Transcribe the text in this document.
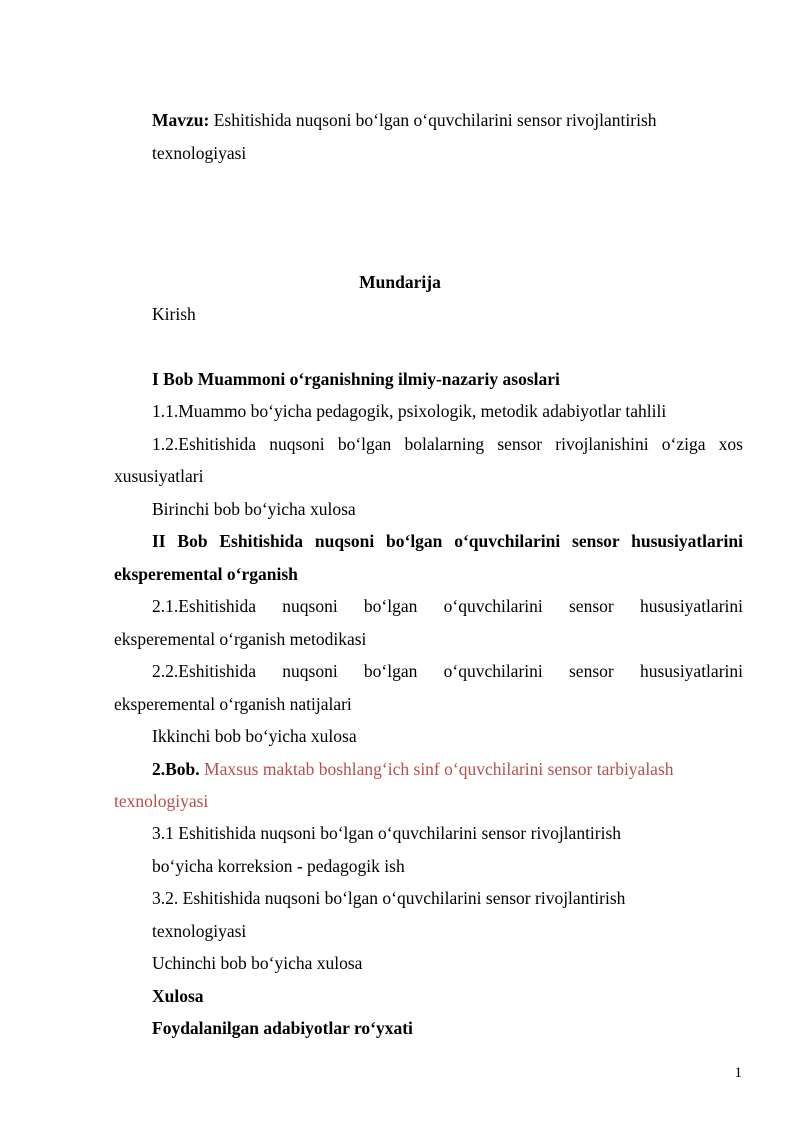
Mavzu: Eshitishida nuqsoni bo‘lgan o‘quvchilarini sensor rivojlantirish
texnologiyasi
Mundarija
Kirish
I Bob Muammoni o‘rganishning ilmiy-nazariy asoslari
1.1.Muammo bo‘yicha pedagogik, psixologik, metodik adabiyotlar tahlili
1.2.Eshitishida nuqsoni bo‘lgan bolalarning sensor rivojlanishini o‘ziga xos
xususiyatlari
Birinchi bob bo‘yicha xulosa
II Bob Eshitishida nuqsoni bo‘lgan o‘quvchilarini sensor hususiyatlarini
eksperemental o‘rganish
2.1.Eshitishida nuqsoni bo‘lgan o‘quvchilarini sensor hususiyatlarini
eksperemental o‘rganish metodikasi
2.2.Eshitishida nuqsoni bo‘lgan o‘quvchilarini sensor hususiyatlarini
eksperemental o‘rganish natijalari
Ikkinchi bob bo‘yicha xulosa
2.Bob. Maxsus maktab boshlang‘ich sinf o‘quvchilarini sensor tarbiyalash
texnologiyasi
3.1 Eshitishida nuqsoni bo‘lgan o‘quvchilarini sensor rivojlantirish
bo‘yicha korreksion - pedagogik ish
3.2. Eshitishida nuqsoni bo‘lgan o‘quvchilarini sensor rivojlantirish
texnologiyasi
Uchinchi bob bo‘yicha xulosa
Xulosa
Foydalanilgan adabiyotlar ro‘yxati
1
